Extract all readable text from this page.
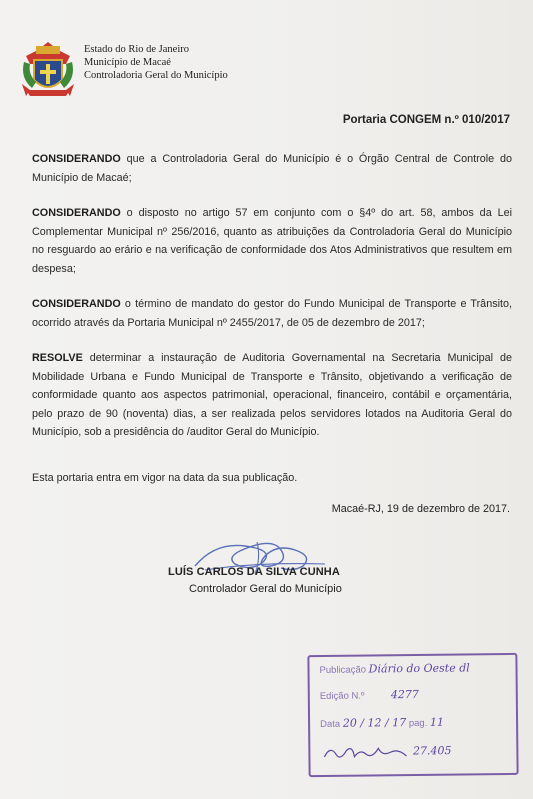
Estado do Rio de Janeiro
Município de Macaé
Controladoria Geral do Município
Portaria CONGEM n.º 010/2017
CONSIDERANDO que a Controladoria Geral do Município é o Órgão Central de Controle do Município de Macaé;
CONSIDERANDO o disposto no artigo 57 em conjunto com o §4º do art. 58, ambos da Lei Complementar Municipal nº 256/2016, quanto as atribuições da Controladoria Geral do Município no resguardo ao erário e na verificação de conformidade dos Atos Administrativos que resultem em despesa;
CONSIDERANDO o término de mandato do gestor do Fundo Municipal de Transporte e Trânsito, ocorrido através da Portaria Municipal nº 2455/2017, de 05 de dezembro de 2017;
RESOLVE determinar a instauração de Auditoria Governamental na Secretaria Municipal de Mobilidade Urbana e Fundo Municipal de Transporte e Trânsito, objetivando a verificação de conformidade quanto aos aspectos patrimonial, operacional, financeiro, contábil e orçamentária, pelo prazo de 90 (noventa) dias, a ser realizada pelos servidores lotados na Auditoria Geral do Município, sob a presidência do /auditor Geral do Município.
Esta portaria entra em vigor na data da sua publicação.
Macaé-RJ, 19 de dezembro de 2017.
LUÍS CARLOS DA SILVA CUNHA
Controlador Geral do Município
Publicação Diário do Oeste dl
Edição N.º 4277
Data 20 / 12 / 17 pag. 11
27.405
